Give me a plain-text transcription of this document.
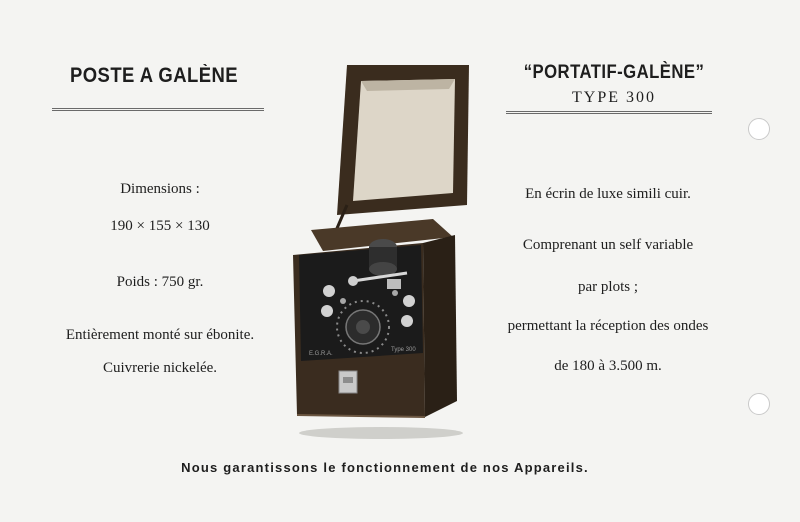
POSTE A GALÈNE
Dimensions :
190 × 155 × 130
Poids : 750 gr.
Entièrement monté sur ébonite.
Cuivrerie nickelée.
“PORTATIF-GALÈNE”
TYPE 300
En écrin de luxe simili cuir.
Comprenant un self variable
par plots ;
permettant la réception des ondes
de 180 à 3.500 m.
Nous garantissons le fonctionnement de nos Appareils.
E.G.R.A.
Type 300
